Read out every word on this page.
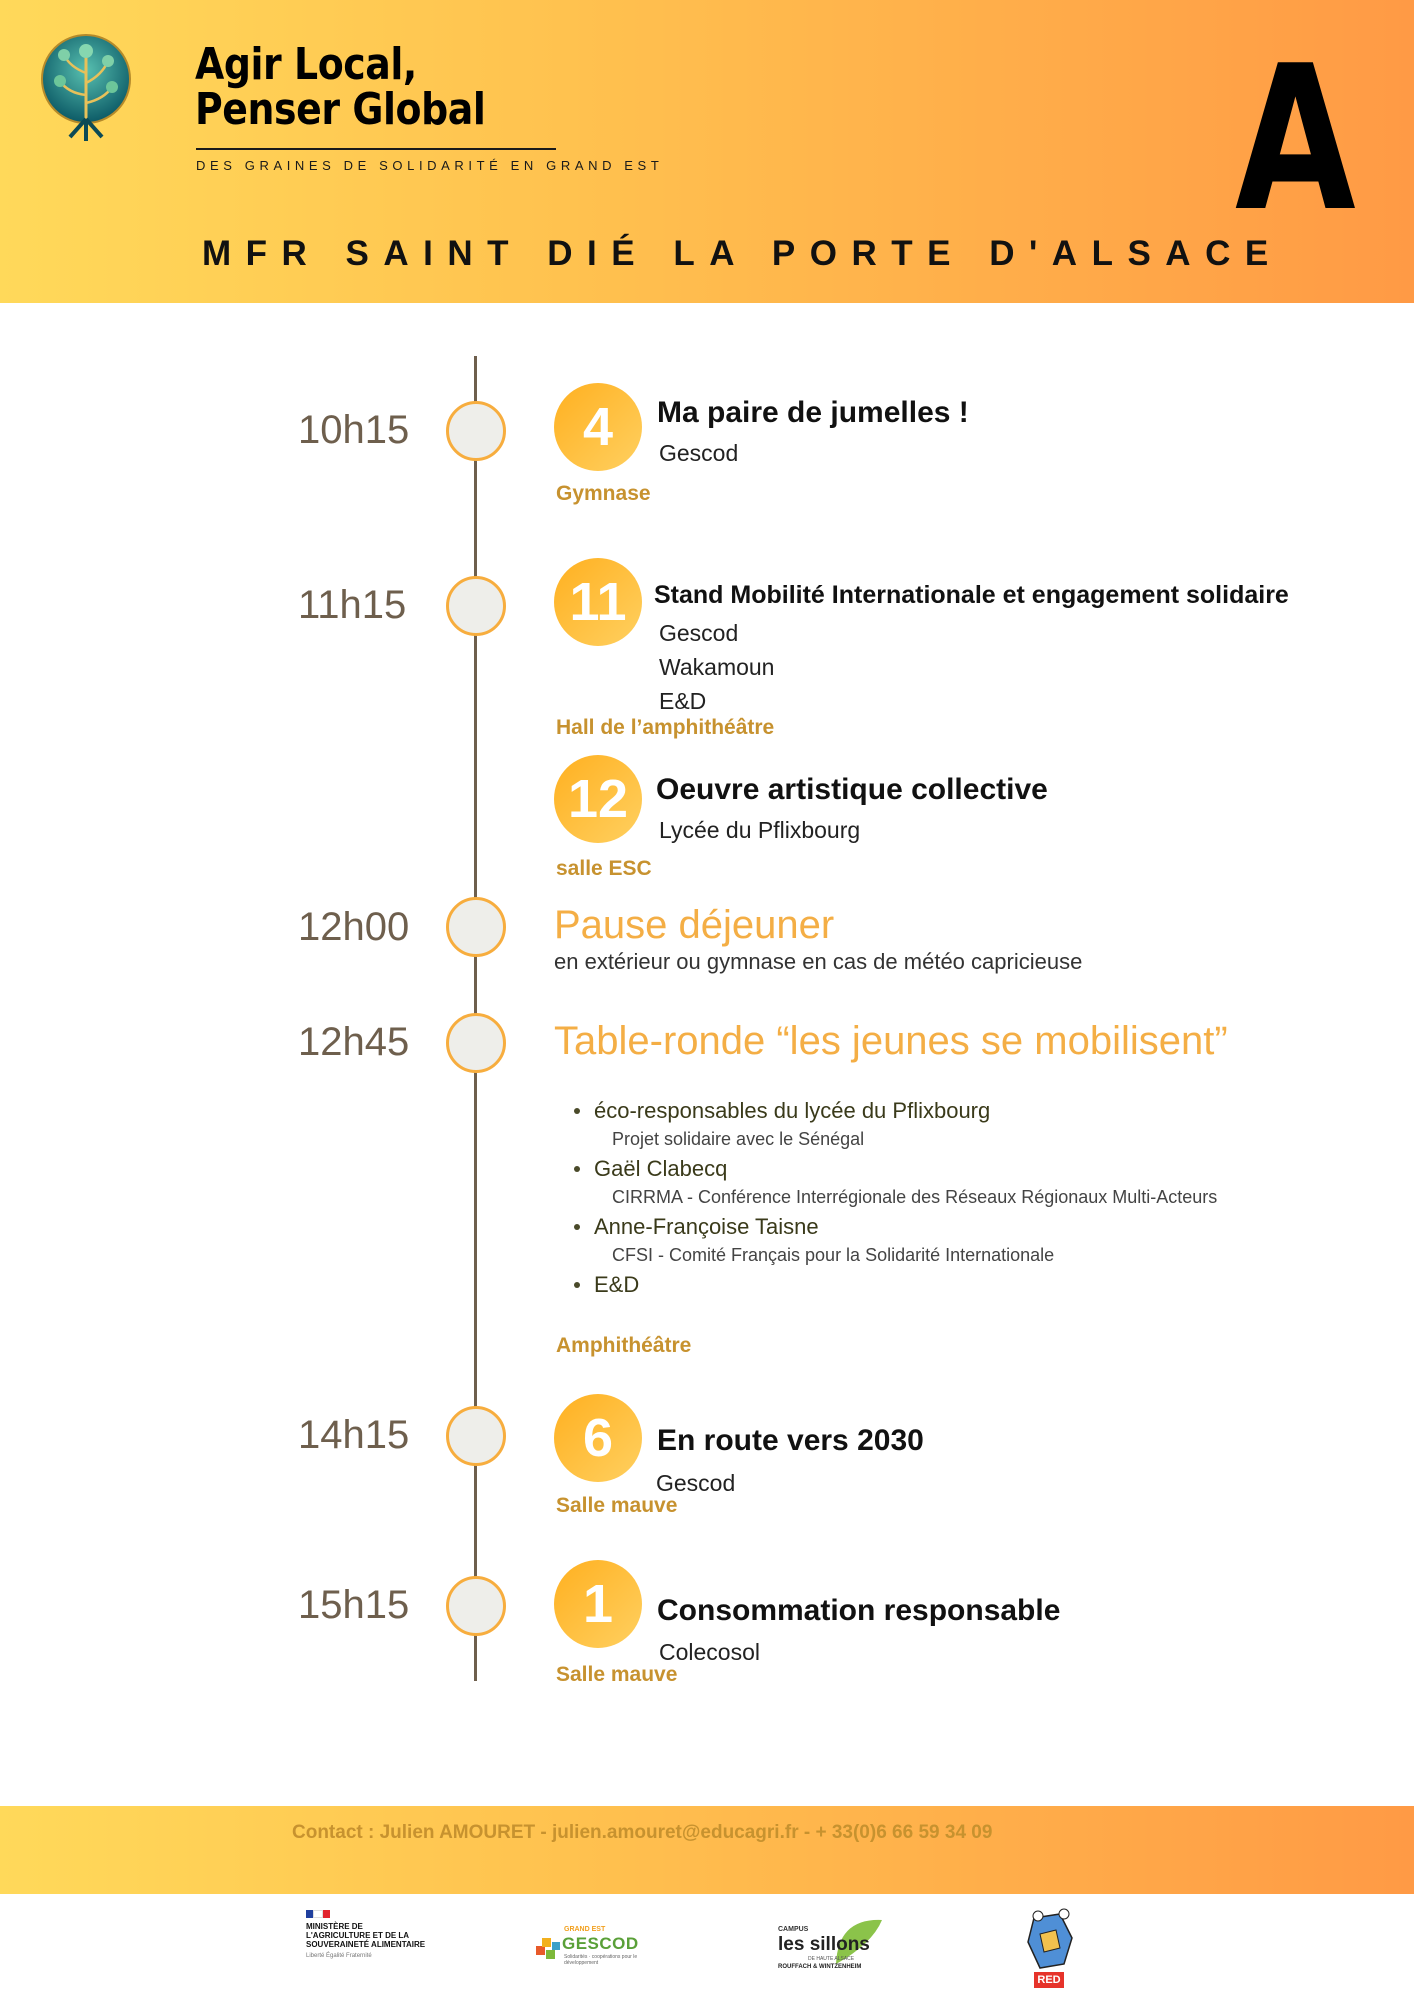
Agir Local,
Penser Global
DES GRAINES DE SOLIDARITÉ EN GRAND EST	A
MFR SAINT DIÉ LA PORTE D'ALSACE
10h15	4	Ma paire de jumelles !
Gescod
Gymnase
11h15	11	Stand Mobilité Internationale et engagement solidaire
Gescod
Wakamoun
E&D
Hall de l’amphithéâtre
12 Oeuvre artistique collective
Lycée du Pflixbourg
salle ESC
12h00	Pause déjeuner
en extérieur ou gymnase en cas de météo capricieuse
12h45	Table-ronde “les jeunes se mobilisent”
éco-responsables du lycée du Pflixbourg
Projet solidaire avec le Sénégal
Gaël Clabecq
CIRRMA - Conférence Interrégionale des Réseaux Régionaux Multi-Acteurs
Anne-Françoise Taisne
CFSI - Comité Français pour la Solidarité Internationale
E&D
Amphithéâtre
14h15	6	En route vers 2030
Gescod
Salle mauve
15h15	1	Consommation responsable
Colecosol
Salle mauve
Contact : Julien AMOURET - julien.amouret@educagri.fr - + 33(0)6 66 59 34 09
MINISTÈRE DE L'AGRICULTURE ET DE LA SOUVERAINETÉ ALIMENTAIRE
Liberté Égalité Fraternité
GRAND EST
GESCOD
Solidarités · coopérations pour le développement
CAMPUS
les sillons
DE HAUTE ALSACE
ROUFFACH & WINTZENHEIM
RED
